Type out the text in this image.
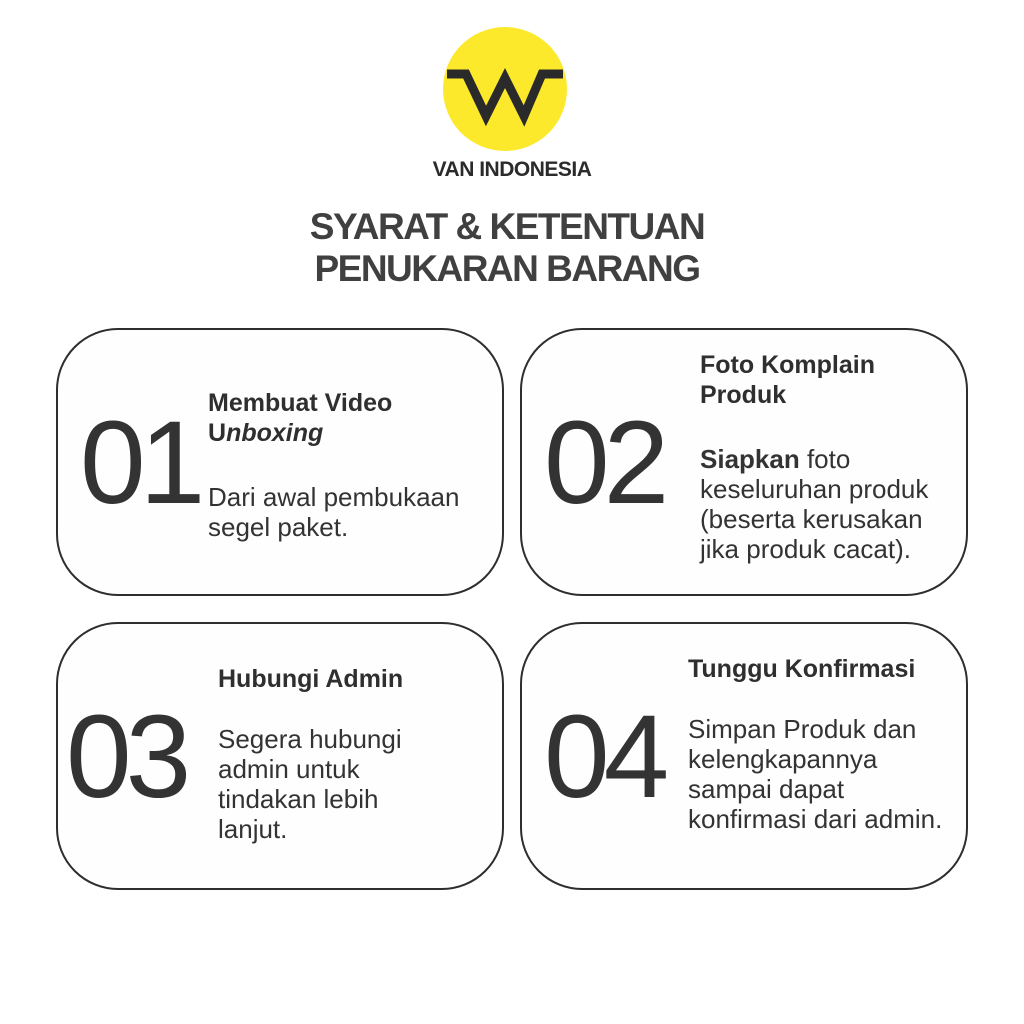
VAN INDONESIA
SYARAT & KETENTUAN
PENUKARAN BARANG
01 Membuat Video
Unboxing
Dari awal pembukaan segel paket.	02
Foto Komplain Produk
Siapkan foto keseluruhan produk (beserta kerusakan jika produk cacat).
03
Hubungi Admin
Segera hubungi admin untuk tindakan lebih lanjut.
04
Tunggu Konfirmasi
Simpan Produk dan kelengkapannya sampai dapat konfirmasi dari admin.
